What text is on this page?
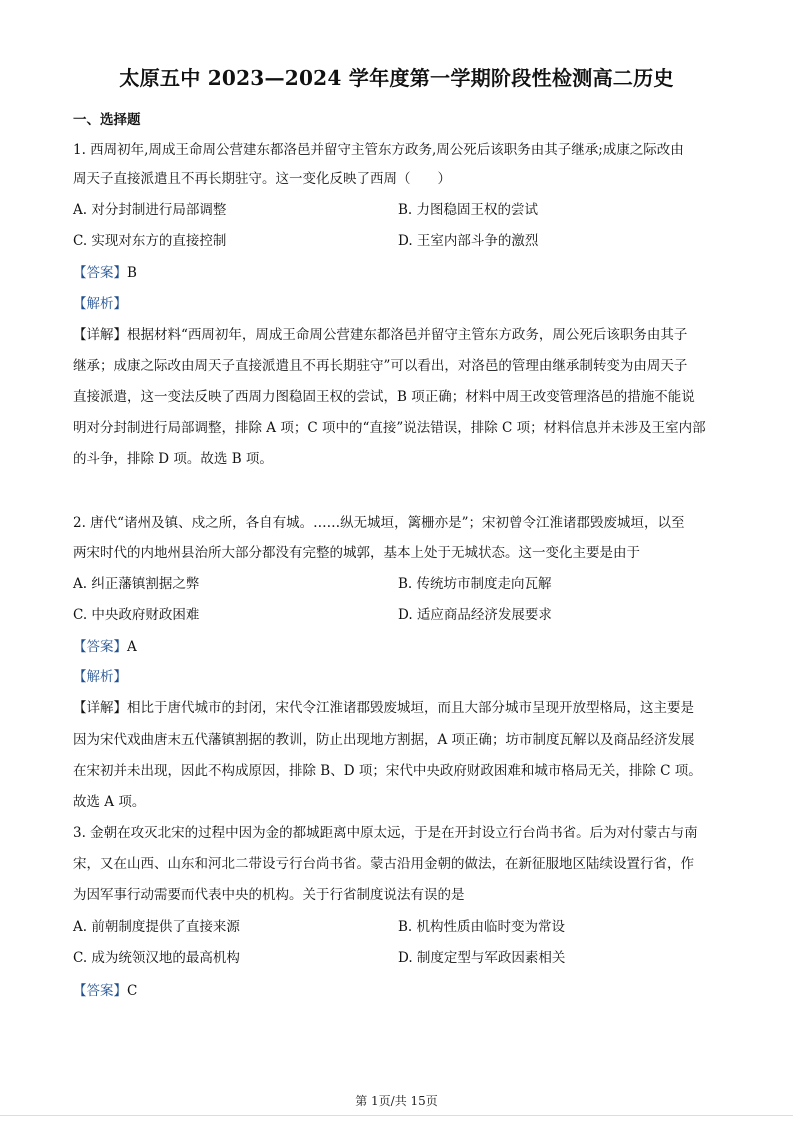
太原五中 2023—2024 学年度第一学期阶段性检测高二历史
一、选择题
1. 西周初年,周成王命周公营建东都洛邑并留守主管东方政务,周公死后该职务由其子继承;成康之际改由
周天子直接派遣且不再长期驻守。这一变化反映了西周（　　）
A. 对分封制进行局部调整	B. 力图稳固王权的尝试
C. 实现对东方的直接控制	D. 王室内部斗争的激烈
【答案】B
【解析】
【详解】根据材料“西周初年，周成王命周公营建东都洛邑并留守主管东方政务，周公死后该职务由其子
继承；成康之际改由周天子直接派遣且不再长期驻守”可以看出，对洛邑的管理由继承制转变为由周天子
直接派遣，这一变法反映了西周力图稳固王权的尝试，B 项正确；材料中周王改变管理洛邑的措施不能说
明对分封制进行局部调整，排除 A 项；C 项中的“直接”说法错误，排除 C 项；材料信息并未涉及王室内部
的斗争，排除 D 项。故选 B 项。
2. 唐代“诸州及镇、戍之所，各自有城。……纵无城垣，篱栅亦是”；宋初曾令江淮诸郡毁废城垣，以至
两宋时代的内地州县治所大部分都没有完整的城郭，基本上处于无城状态。这一变化主要是由于
A. 纠正藩镇割据之弊	B. 传统坊市制度走向瓦解
C. 中央政府财政困难	D. 适应商品经济发展要求
【答案】A
【解析】
【详解】相比于唐代城市的封闭，宋代令江淮诸郡毁废城垣，而且大部分城市呈现开放型格局，这主要是
因为宋代戏曲唐末五代藩镇割据的教训，防止出现地方割据，A 项正确；坊市制度瓦解以及商品经济发展
在宋初并未出现，因此不构成原因，排除 B、D 项；宋代中央政府财政困难和城市格局无关，排除 C 项。
故选 A 项。
3. 金朝在攻灭北宋的过程中因为金的都城距离中原太远，于是在开封设立行台尚书省。后为对付蒙古与南
宋，又在山西、山东和河北二带设亏行台尚书省。蒙古沿用金朝的做法，在新征服地区陆续设置行省，作
为因军事行动需要而代表中央的机构。关于行省制度说法有误的是
A. 前朝制度提供了直接来源	B. 机构性质由临时变为常设
C. 成为统领汉地的最高机构	D. 制度定型与军政因素相关
【答案】C
第 1页/共 15页
